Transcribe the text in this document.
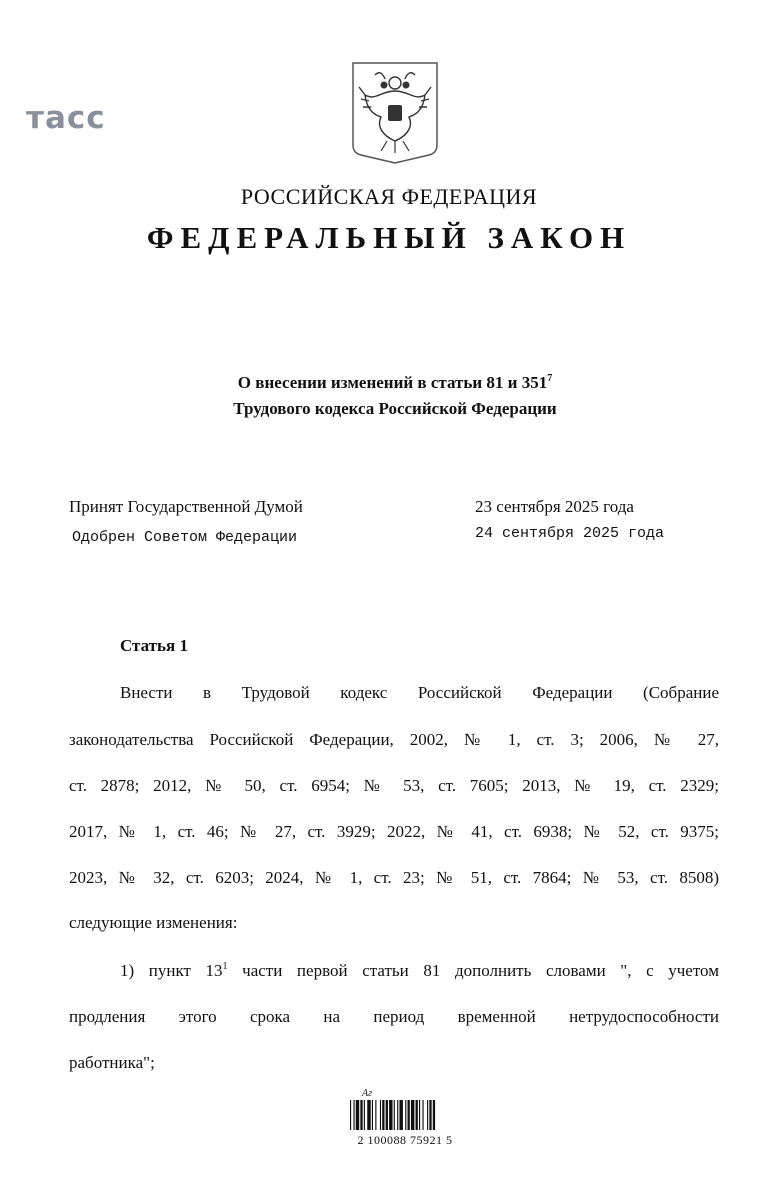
тасс
РОССИЙСКАЯ ФЕДЕРАЦИЯ
ФЕДЕРАЛЬНЫЙ ЗАКОН
О внесении изменений в статьи 81 и $351^7$
Трудового кодекса Российской Федерации
Принят Государственной Думой	23 сентября 2025 года
Одобрен Советом Федерации	24 сентября 2025 года
Статья 1
Внести в Трудовой кодекс Российской Федерации (Собрание
законодательства Российской Федерации, 2002, № 1, ст. 3; 2006, № 27,
ст. 2878; 2012, № 50, ст. 6954; № 53, ст. 7605; 2013, № 19, ст. 2329;
2017, № 1, ст. 46; № 27, ст. 3929; 2022, № 41, ст. 6938; № 52, ст. 9375;
2023, № 32, ст. 6203; 2024, № 1, ст. 23; № 51, ст. 7864; № 53, ст. 8508)
следующие изменения:
1) пункт $13^1$ части первой статьи 81 дополнить словами ", с учетом
продления этого срока на период временной нетрудоспособности
работника";
Аг
2 100088 75921 5
